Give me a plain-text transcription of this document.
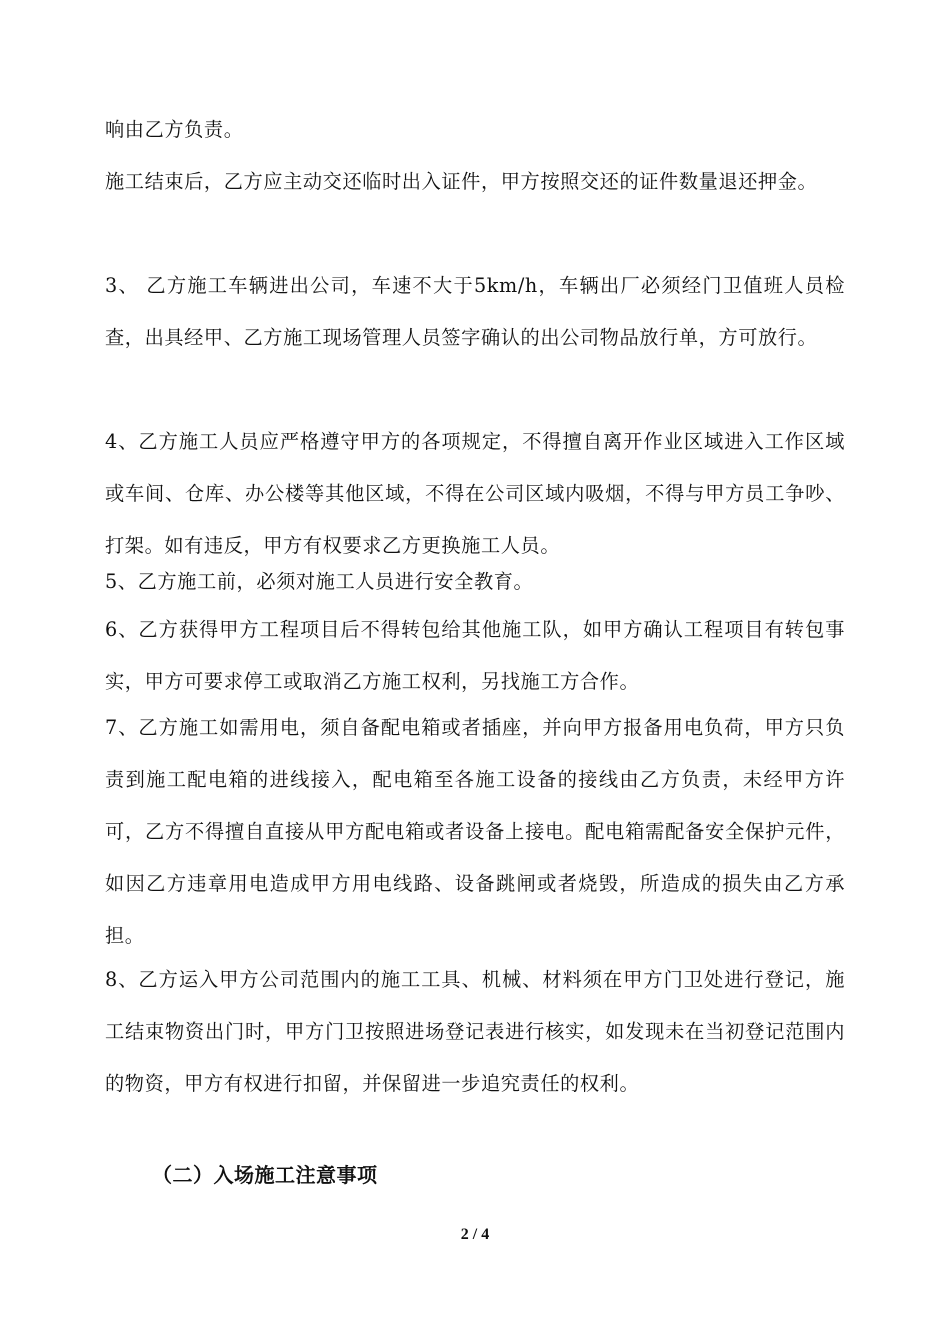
响由乙方负责。
施工结束后，乙方应主动交还临时出入证件，甲方按照交还的证件数量退还押金。
3、 乙方施工车辆进出公司，车速不大于5km/h，车辆出厂必须经门卫值班人员检查，出具经甲、乙方施工现场管理人员签字确认的出公司物品放行单，方可放行。
4、乙方施工人员应严格遵守甲方的各项规定，不得擅自离开作业区域进入工作区域或车间、仓库、办公楼等其他区域，不得在公司区域内吸烟，不得与甲方员工争吵、打架。如有违反，甲方有权要求乙方更换施工人员。
5、乙方施工前，必须对施工人员进行安全教育。
6、乙方获得甲方工程项目后不得转包给其他施工队，如甲方确认工程项目有转包事实，甲方可要求停工或取消乙方施工权利，另找施工方合作。
7、乙方施工如需用电，须自备配电箱或者插座，并向甲方报备用电负荷，甲方只负责到施工配电箱的进线接入，配电箱至各施工设备的接线由乙方负责，未经甲方许可，乙方不得擅自直接从甲方配电箱或者设备上接电。配电箱需配备安全保护元件，如因乙方违章用电造成甲方用电线路、设备跳闸或者烧毁，所造成的损失由乙方承担。
8、乙方运入甲方公司范围内的施工工具、机械、材料须在甲方门卫处进行登记，施工结束物资出门时，甲方门卫按照进场登记表进行核实，如发现未在当初登记范围内的物资，甲方有权进行扣留，并保留进一步追究责任的权利。
（二）入场施工注意事项
2 / 4
